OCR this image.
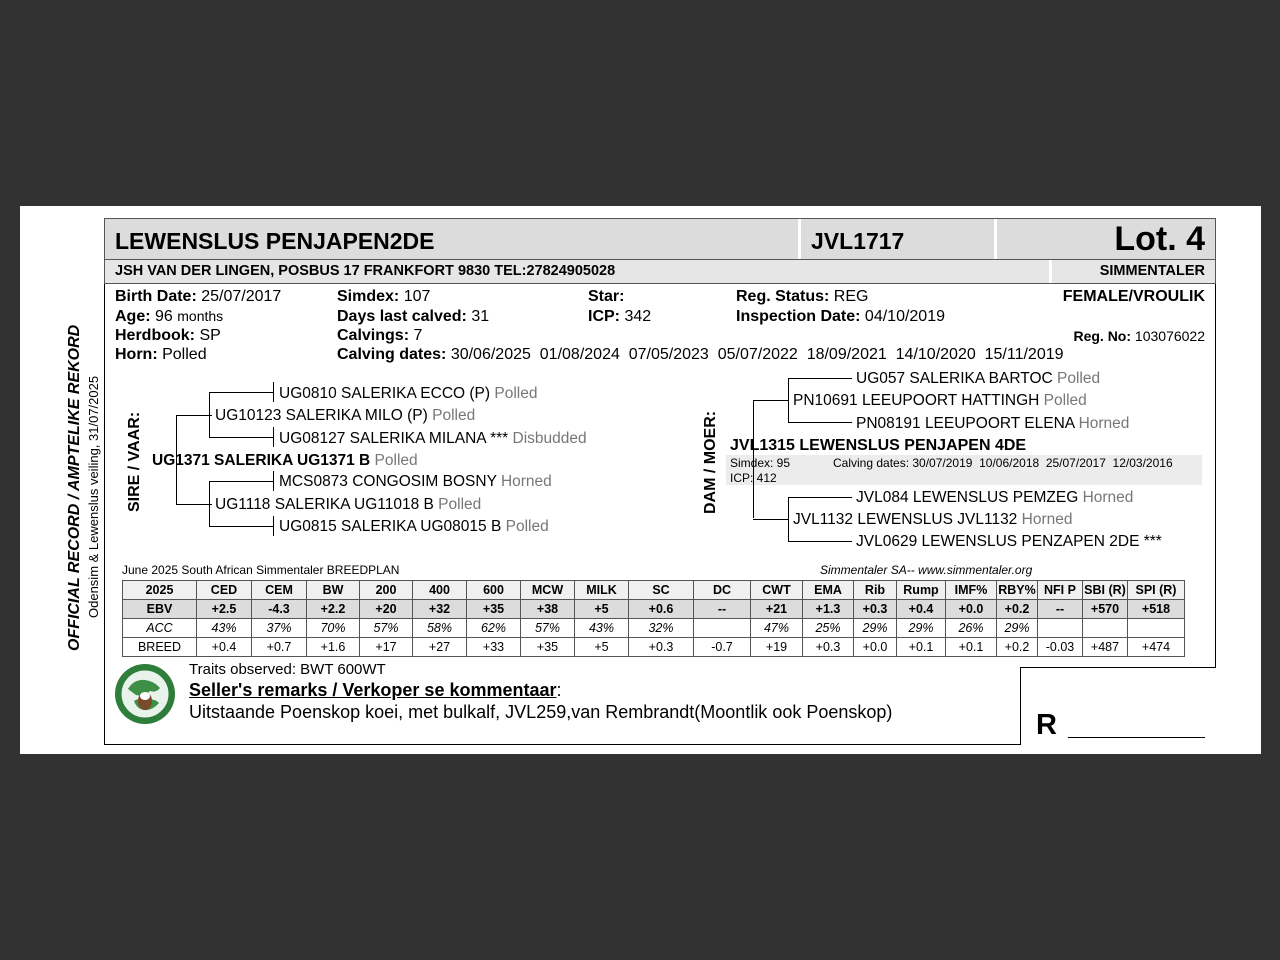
OFFICIAL RECORD / AMPTELIKE REKORD Odensim & Lewenslus veiling, 31/07/2025
LEWENSLUS PENJAPEN2DE	JVL1717	Lot. 4
JSH VAN DER LINGEN, POSBUS 17 FRANKFORT 9830 TEL:27824905028	SIMMENTALER
Birth Date: 25/07/2017
Age: 96 months
Herdbook: SP
Horn: Polled
Simdex: 107
Days last calved: 31
Calvings: 7
Calving dates: 30/06/2025  01/08/2024  07/05/2023  05/07/2022  18/09/2021  14/10/2020  15/11/2019
Star:
ICP: 342
Reg. Status: REG
Inspection Date: 04/10/2019
FEMALE/VROULIK
Reg. No: 103076022
SIRE / VAAR:
UG0810 SALERIKA ECCO (P) Polled
UG10123 SALERIKA MILO (P) Polled
UG08127 SALERIKA MILANA *** Disbudded
UG1371 SALERIKA UG1371 B Polled
MCS0873 CONGOSIM BOSNY Horned
UG1118 SALERIKA UG11018 B Polled
UG0815 SALERIKA UG08015 B Polled
DAM / MOER:
UG057 SALERIKA BARTOC Polled
PN10691 LEEUPOORT HATTINGH Polled
PN08191 LEEUPOORT ELENA Horned
JVL1315 LEWENSLUS PENJAPEN 4DE
Simdex: 95	Calving dates: 30/07/2019  10/06/2018  25/07/2017  12/03/2016
ICP: 412
JVL084 LEWENSLUS PEMZEG Horned
JVL1132 LEWENSLUS JVL1132 Horned
JVL0629 LEWENSLUS PENZAPEN 2DE ***
June 2025 South African Simmentaler BREEDPLAN	Simmentaler SA-- www.simmentaler.org
2025	CED	CEM	BW	200	400	600	MCW	MILK	SC	DC	CWT	EMA	Rib	Rump	IMF%	RBY%	NFI P	SBI (R)	SPI (R)
EBV	+2.5	-4.3	+2.2	+20	+32	+35	+38	+5	+0.6	--	+21	+1.3	+0.3	+0.4	+0.0	+0.2	--	+570	+518
ACC	43%	37%	70%	57%	58%	62%	57%	43%	32%		47%	25%	29%	29%	26%	29%			
BREED	+0.4	+0.7	+1.6	+17	+27	+33	+35	+5	+0.3	-0.7	+19	+0.3	+0.0	+0.1	+0.1	+0.2	-0.03	+487	+474
Traits observed: BWT 600WT
Seller's remarks / Verkoper se kommentaar:
Uitstaande Poenskop koei, met bulkalf, JVL259,van Rembrandt(Moontlik ook Poenskop)	R
